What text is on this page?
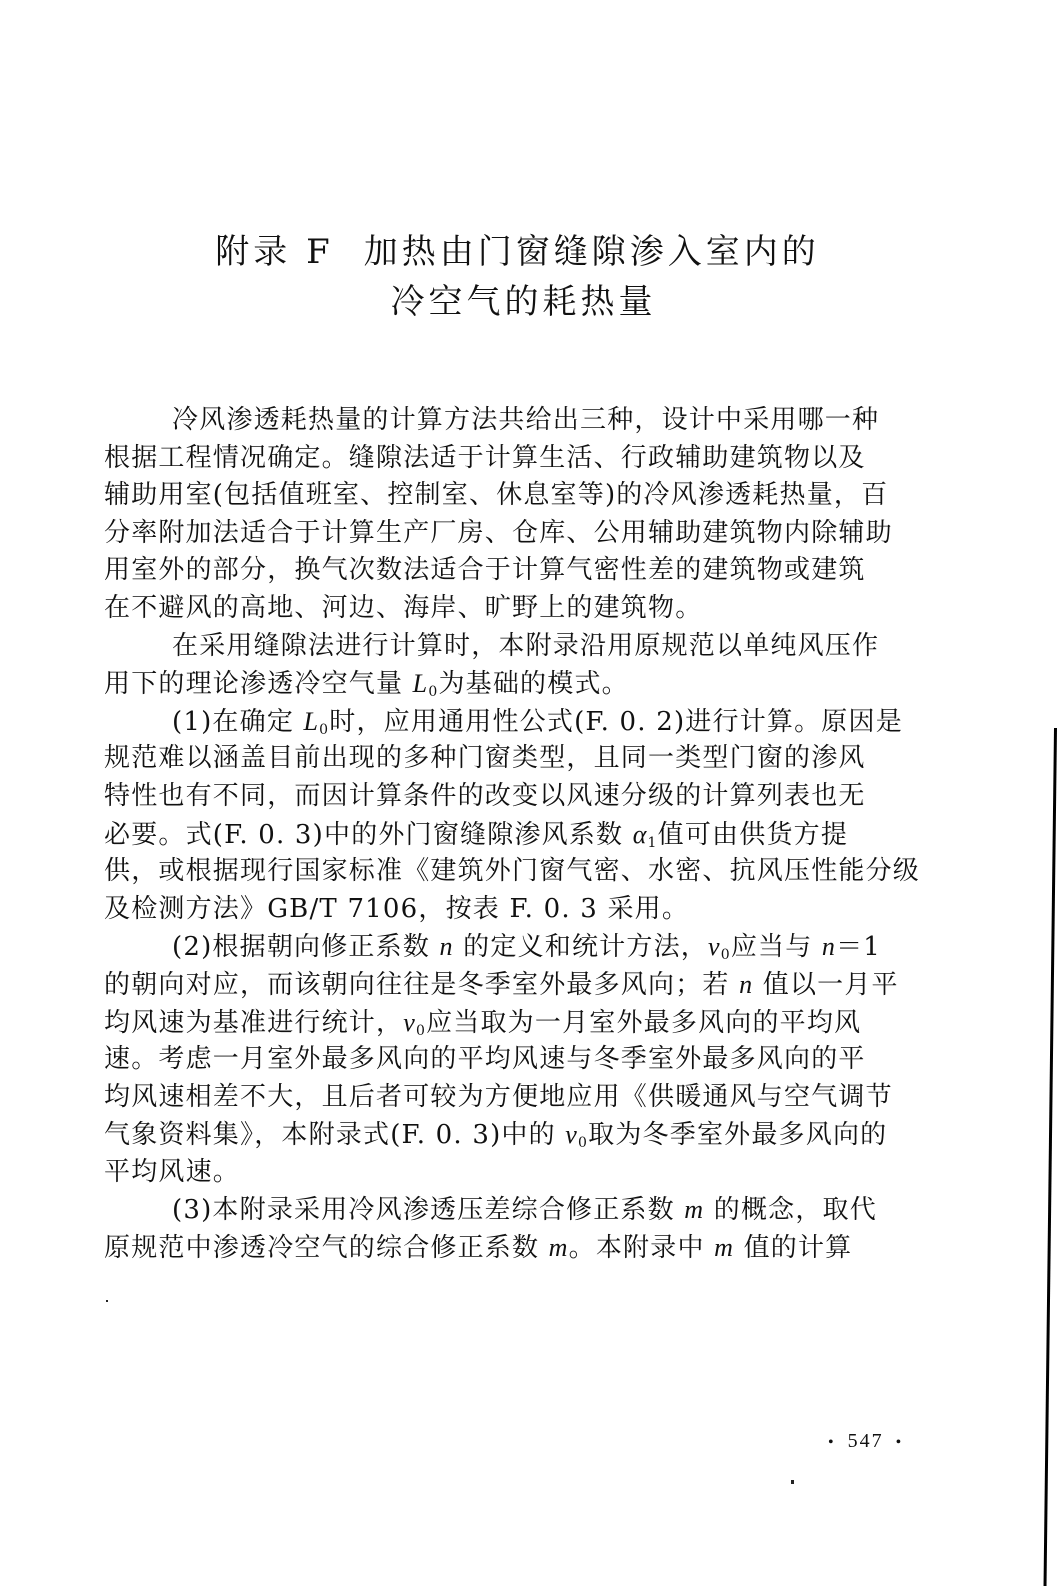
附录 F 加热由门窗缝隙渗入室内的
冷空气的耗热量
冷风渗透耗热量的计算方法共给出三种，设计中采用哪一种
根据工程情况确定。缝隙法适于计算生活、行政辅助建筑物以及
辅助用室(包括值班室、控制室、休息室等)的冷风渗透耗热量，百
分率附加法适合于计算生产厂房、仓库、公用辅助建筑物内除辅助
用室外的部分，换气次数法适合于计算气密性差的建筑物或建筑
在不避风的高地、河边、海岸、旷野上的建筑物。
在采用缝隙法进行计算时，本附录沿用原规范以单纯风压作
用下的理论渗透冷空气量 $L_0$为基础的模式。
(1)在确定 $L_0$时，应用通用性公式(F. 0. 2)进行计算。原因是
规范难以涵盖目前出现的多种门窗类型，且同一类型门窗的渗风
特性也有不同，而因计算条件的改变以风速分级的计算列表也无
必要。式(F. 0. 3)中的外门窗缝隙渗风系数 $\alpha_1$值可由供货方提
供，或根据现行国家标准《建筑外门窗气密、水密、抗风压性能分级
及检测方法》GB/T 7106，按表 F. 0. 3 采用。
(2)根据朝向修正系数 n 的定义和统计方法，$v_0$应当与 n＝1
的朝向对应，而该朝向往往是冬季室外最多风向；若 n 值以一月平
均风速为基准进行统计，$v_0$应当取为一月室外最多风向的平均风
速。考虑一月室外最多风向的平均风速与冬季室外最多风向的平
均风速相差不大，且后者可较为方便地应用《供暖通风与空气调节
气象资料集》，本附录式(F. 0. 3)中的 $v_0$取为冬季室外最多风向的
平均风速。
(3)本附录采用冷风渗透压差综合修正系数 m 的概念，取代
原规范中渗透冷空气的综合修正系数 m。本附录中 m 值的计算
• 547 •
